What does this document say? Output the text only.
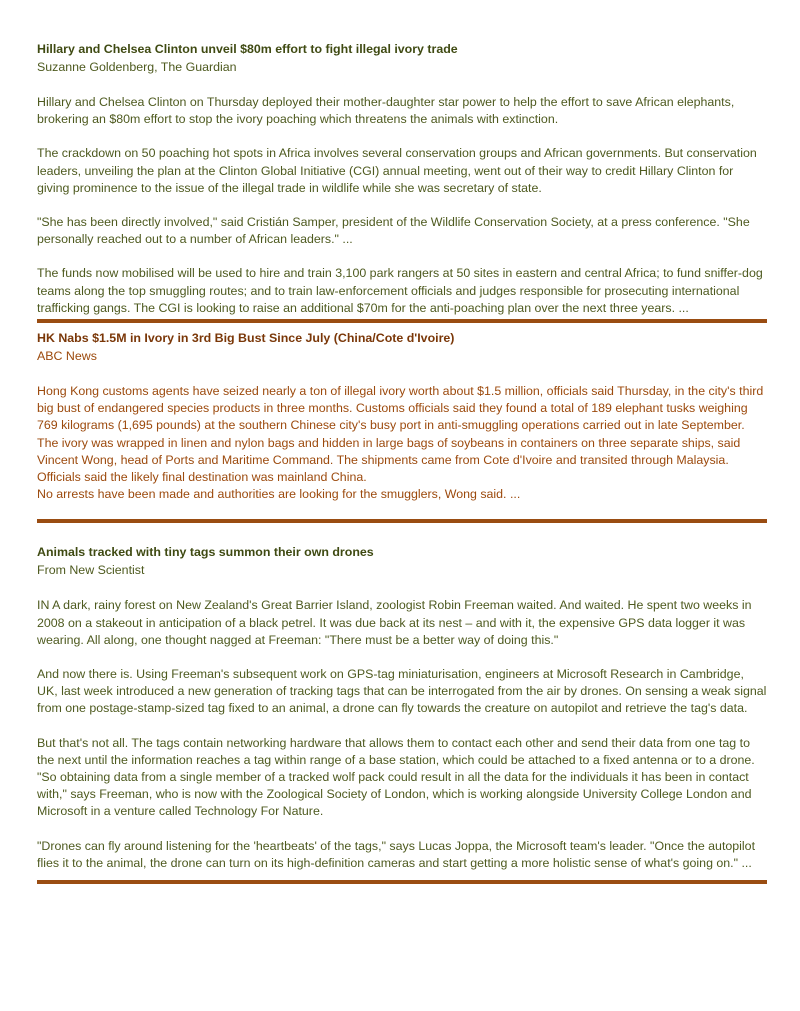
Hillary and Chelsea Clinton unveil $80m effort to fight illegal ivory trade

Suzanne Goldenberg, The Guardian

Hillary and Chelsea Clinton on Thursday deployed their mother-daughter star power to help the effort to save African elephants, brokering an $80m effort to stop the ivory poaching which threatens the animals with extinction.

The crackdown on 50 poaching hot spots in Africa involves several conservation groups and African governments. But conservation leaders, unveiling the plan at the Clinton Global Initiative (CGI) annual meeting, went out of their way to credit Hillary Clinton for giving prominence to the issue of the illegal trade in wildlife while she was secretary of state.

"She has been directly involved," said Cristián Samper, president of the Wildlife Conservation Society, at a press conference. "She personally reached out to a number of African leaders." ...

The funds now mobilised will be used to hire and train 3,100 park rangers at 50 sites in eastern and central Africa; to fund sniffer-dog teams along the top smuggling routes; and to train law-enforcement officials and judges responsible for prosecuting international trafficking gangs. The CGI is looking to raise an additional $70m for the anti-poaching plan over the next three years. ...

HK Nabs $1.5M in Ivory in 3rd Big Bust Since July (China/Cote d'Ivoire)

ABC News

Hong Kong customs agents have seized nearly a ton of illegal ivory worth about $1.5 million, officials said Thursday, in the city's third big bust of endangered species products in three months. Customs officials said they found a total of 189 elephant tusks weighing 769 kilograms (1,695 pounds) at the southern Chinese city's busy port in anti-smuggling operations carried out in late September.

The ivory was wrapped in linen and nylon bags and hidden in large bags of soybeans in containers on three separate ships, said Vincent Wong, head of Ports and Maritime Command. The shipments came from Cote d'Ivoire and transited through Malaysia. Officials said the likely final destination was mainland China.

No arrests have been made and authorities are looking for the smugglers, Wong said. ...

Animals tracked with tiny tags summon their own drones

From New Scientist

IN A dark, rainy forest on New Zealand's Great Barrier Island, zoologist Robin Freeman waited. And waited. He spent two weeks in 2008 on a stakeout in anticipation of a black petrel. It was due back at its nest – and with it, the expensive GPS data logger it was wearing. All along, one thought nagged at Freeman: "There must be a better way of doing this."

And now there is. Using Freeman's subsequent work on GPS-tag miniaturisation, engineers at Microsoft Research in Cambridge, UK, last week introduced a new generation of tracking tags that can be interrogated from the air by drones. On sensing a weak signal from one postage-stamp-sized tag fixed to an animal, a drone can fly towards the creature on autopilot and retrieve the tag's data.

But that's not all. The tags contain networking hardware that allows them to contact each other and send their data from one tag to the next until the information reaches a tag within range of a base station, which could be attached to a fixed antenna or to a drone. "So obtaining data from a single member of a tracked wolf pack could result in all the data for the individuals it has been in contact with," says Freeman, who is now with the Zoological Society of London, which is working alongside University College London and Microsoft in a venture called Technology For Nature.

"Drones can fly around listening for the 'heartbeats' of the tags," says Lucas Joppa, the Microsoft team's leader. "Once the autopilot flies it to the animal, the drone can turn on its high-definition cameras and start getting a more holistic sense of what's going on." ...
